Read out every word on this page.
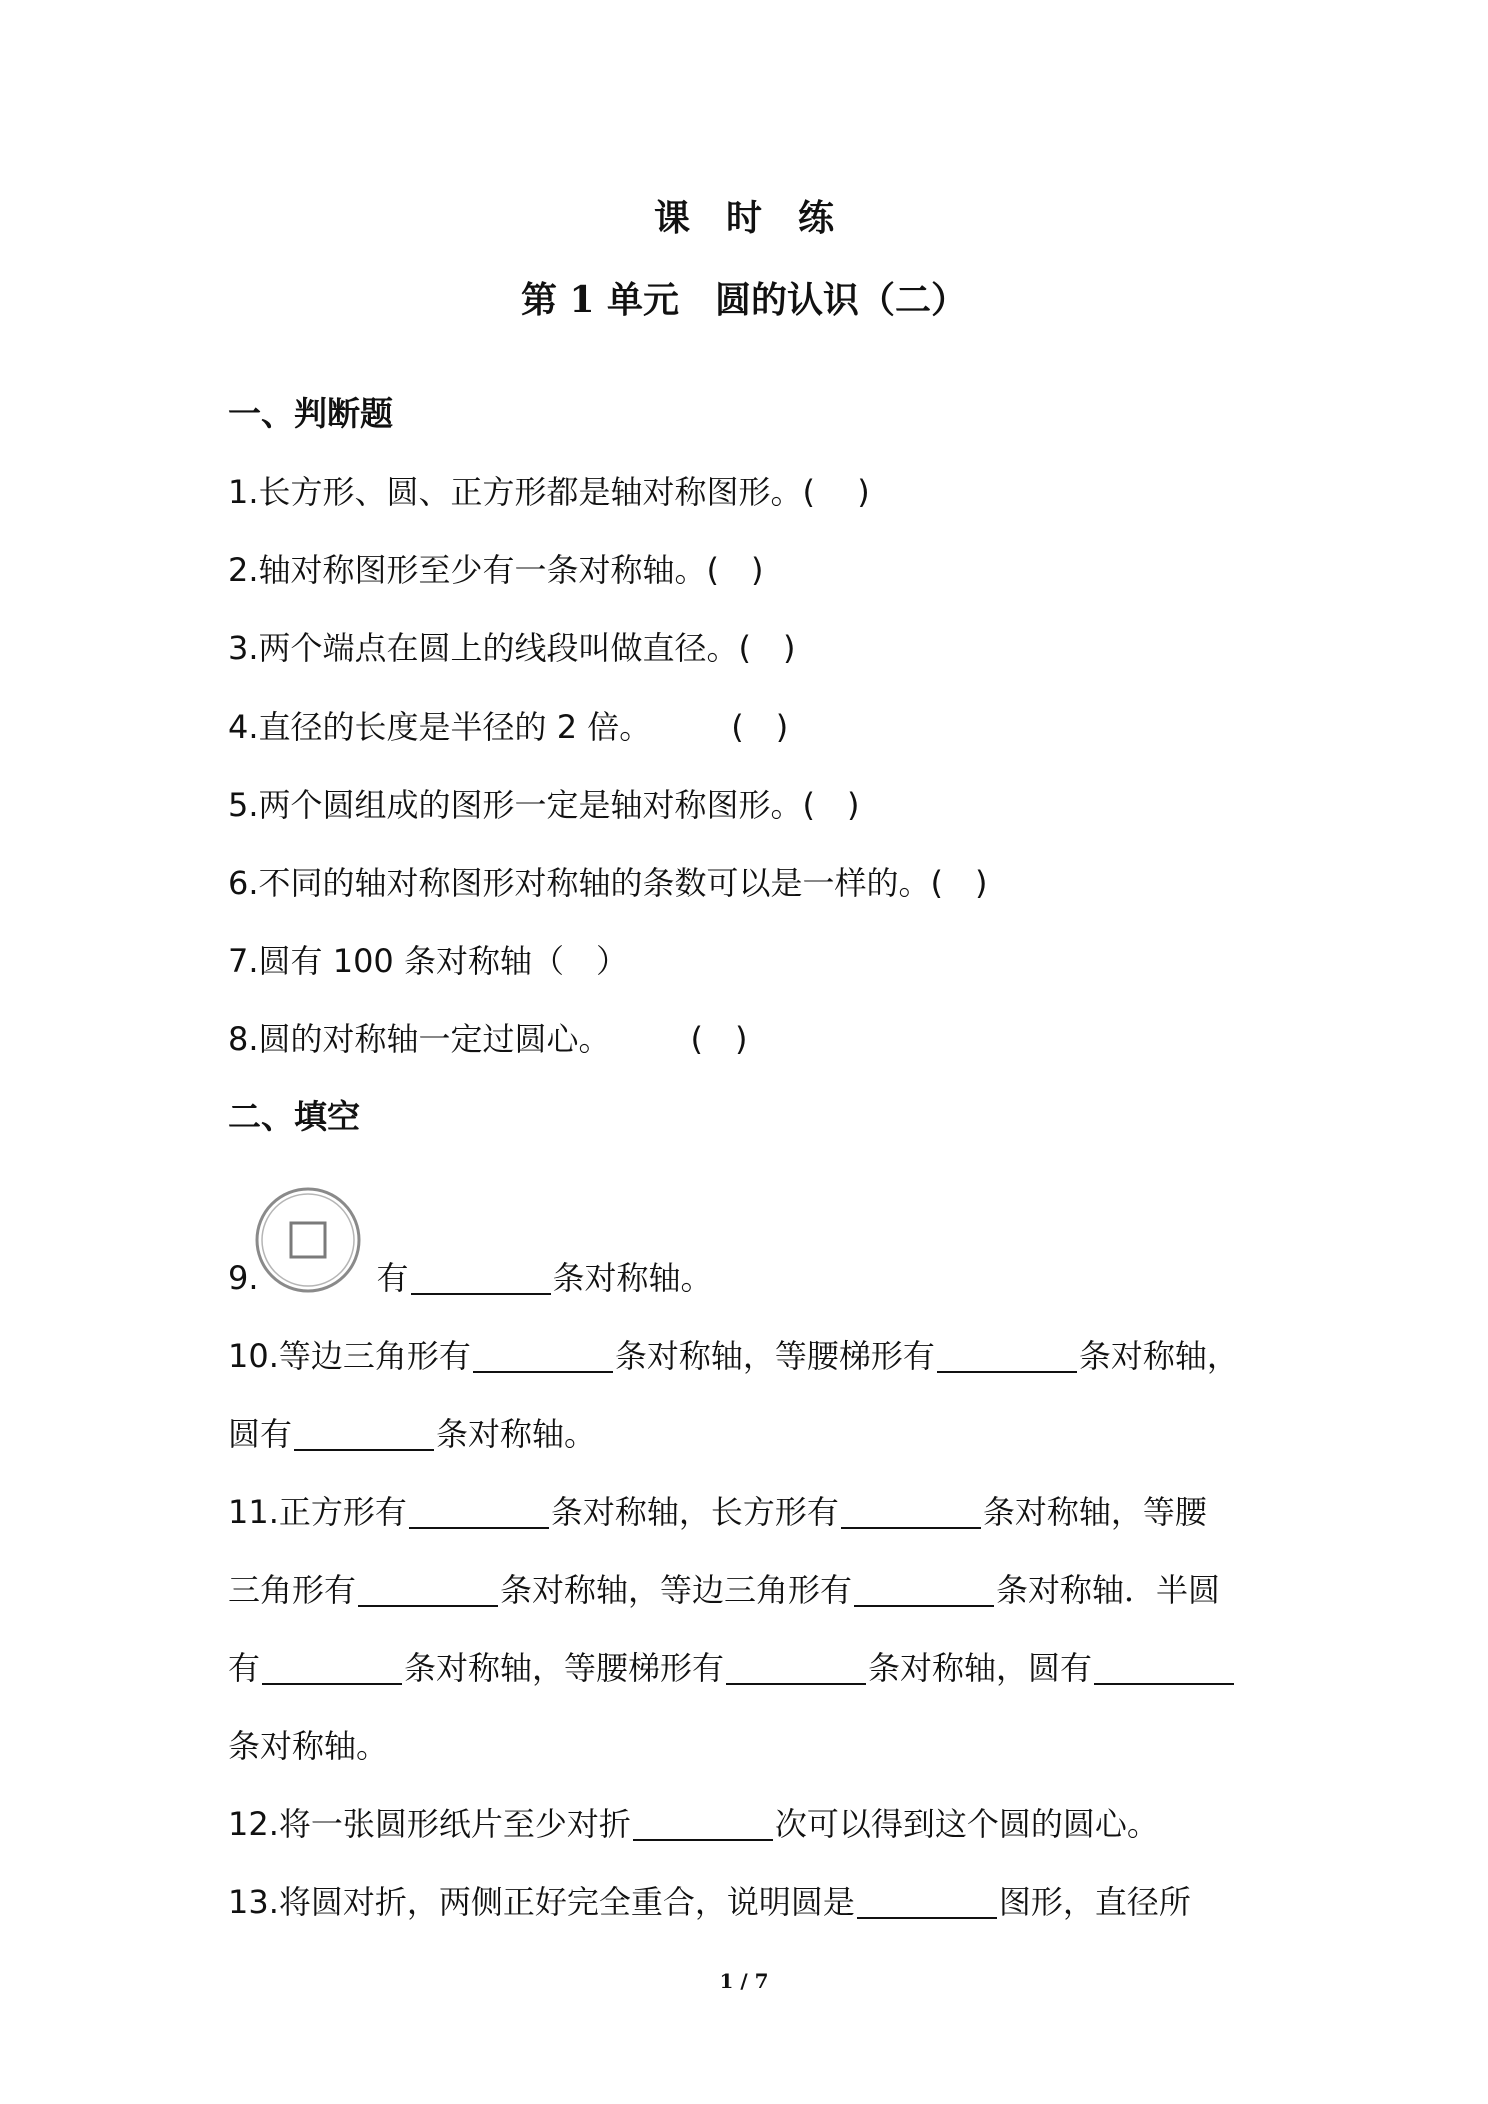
课　时　练
第 1 单元　圆的认识（二）
一、判断题
1.长方形、圆、正方形都是轴对称图形。(　 )
2.轴对称图形至少有一条对称轴。(　)
3.两个端点在圆上的线段叫做直径。(　)
4.直径的长度是半径的 2 倍。　　　(　)
5.两个圆组成的图形一定是轴对称图形。(　)
6.不同的轴对称图形对称轴的条数可以是一样的。(　)
7.圆有 100 条对称轴（　）
8.圆的对称轴一定过圆心。　　　(　)
二、填空
9.	有	条对称轴。
10.等边三角形有	条对称轴，等腰梯形有	条对称轴，
圆有	条对称轴。
11.正方形有	条对称轴，长方形有	条对称轴，等腰
三角形有	条对称轴，等边三角形有	条对称轴．半圆
有	条对称轴，等腰梯形有	条对称轴，圆有
条对称轴。
12.将一张圆形纸片至少对折	次可以得到这个圆的圆心。
13.将圆对折，两侧正好完全重合，说明圆是	图形，直径所
1 / 7
